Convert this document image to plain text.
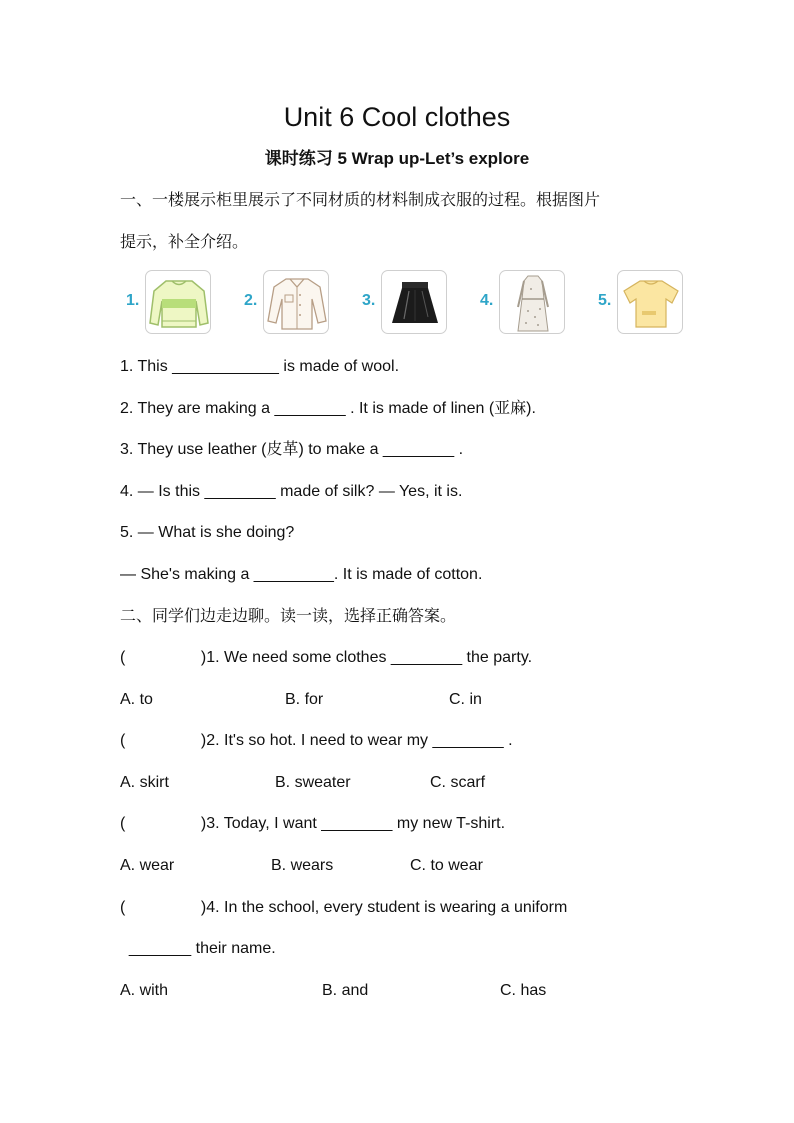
Unit 6 Cool clothes
课时练习 5 Wrap up-Let’s explore
一、一楼展示柜里展示了不同材质的材料制成衣服的过程。根据图片
提示，补全介绍。
1.	2.	3.	4.	5.
1. This ____________ is made of wool.
2. They are making a ________ . It is made of linen (亚麻).
3. They use leather (皮革) to make a ________ .
4. — Is this ________ made of silk? — Yes, it is.
5. — What is she doing?
— She's making a _________. It is made of cotton.
二、同学们边走边聊。读一读，选择正确答案。
(                 )1. We need some clothes ________ the party.
A. to	B. for	C. in
(                 )2. It's so hot. I need to wear my ________ .
A. skirt	B. sweater	C. scarf
(                 )3. Today, I want ________ my new T-shirt.
A. wear	B. wears	C. to wear
(                 )4. In the school, every student is wearing a uniform
_______ their name.
A. with	B. and	C. has
